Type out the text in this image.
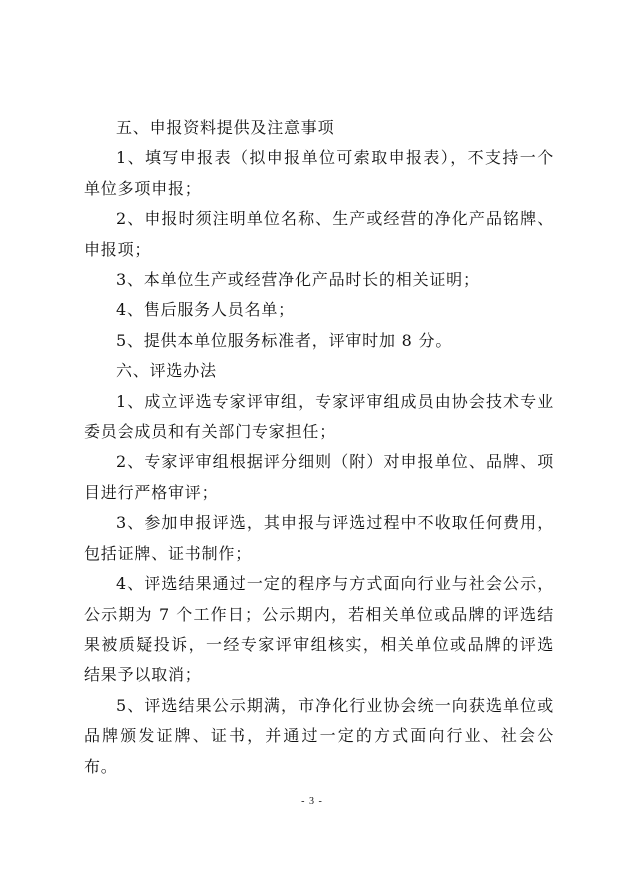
五、申报资料提供及注意事项

1、填写申报表（拟申报单位可索取申报表），不支持一个单位多项申报；

2、申报时须注明单位名称、生产或经营的净化产品铭牌、申报项；

3、本单位生产或经营净化产品时长的相关证明；

4、售后服务人员名单；

5、提供本单位服务标准者，评审时加 8 分。

六、评选办法

1、成立评选专家评审组，专家评审组成员由协会技术专业委员会成员和有关部门专家担任；

2、专家评审组根据评分细则（附）对申报单位、品牌、项目进行严格审评；

3、参加申报评选，其申报与评选过程中不收取任何费用，包括证牌、证书制作；

4、评选结果通过一定的程序与方式面向行业与社会公示，公示期为 7 个工作日；公示期内，若相关单位或品牌的评选结果被质疑投诉，一经专家评审组核实，相关单位或品牌的评选结果予以取消；

5、评选结果公示期满，市净化行业协会统一向获选单位或品牌颁发证牌、证书，并通过一定的方式面向行业、社会公布。

- 3 -
